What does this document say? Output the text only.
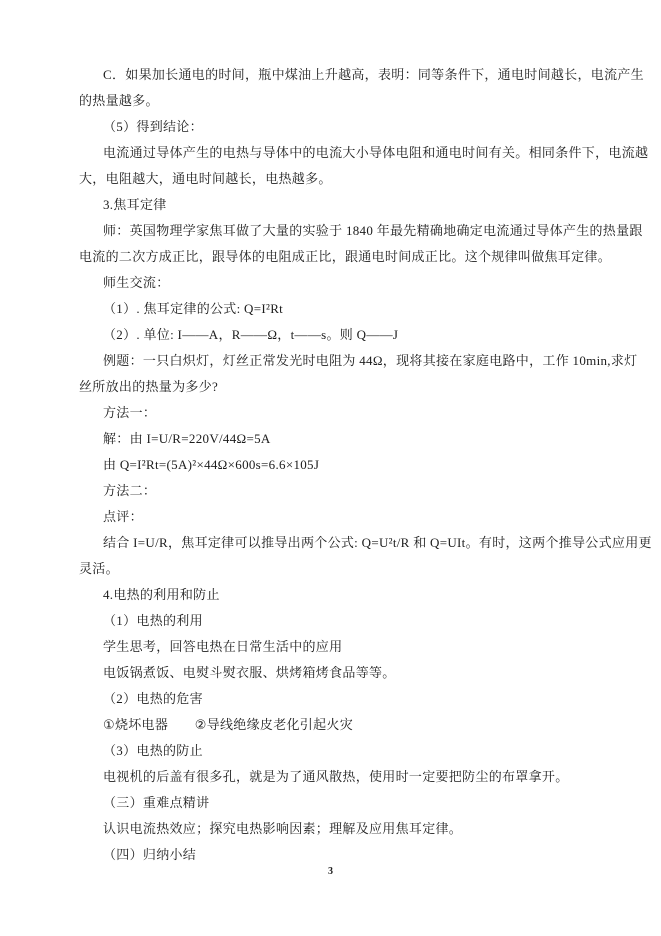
C．如果加长通电的时间，瓶中煤油上升越高，表明：同等条件下，通电时间越长，电流产生
的热量越多。
（5）得到结论：
电流通过导体产生的电热与导体中的电流大小导体电阻和通电时间有关。相同条件下，电流越
大，电阻越大，通电时间越长，电热越多。
3.焦耳定律
师：英国物理学家焦耳做了大量的实验于 1840 年最先精确地确定电流通过导体产生的热量跟
电流的二次方成正比，跟导体的电阻成正比，跟通电时间成正比。这个规律叫做焦耳定律。
师生交流：
（1）. 焦耳定律的公式: Q=I²Rt
（2）. 单位: I——A，R——Ω，t——s。则 Q——J
例题：一只白炽灯，灯丝正常发光时电阻为 44Ω，现将其接在家庭电路中，工作 10min,求灯
丝所放出的热量为多少?
方法一：
解：由 I=U/R=220V/44Ω=5A
由 Q=I²Rt=(5A)²×44Ω×600s=6.6×105J
方法二：
点评：
结合 I=U/R，焦耳定律可以推导出两个公式: Q=U²t/R 和 Q=UIt。有时，这两个推导公式应用更
灵活。
4.电热的利用和防止
（1）电热的利用
学生思考，回答电热在日常生活中的应用
电饭锅煮饭、电熨斗熨衣服、烘烤箱烤食品等等。
（2）电热的危害
①烧坏电器　　②导线绝缘皮老化引起火灾
（3）电热的防止
电视机的后盖有很多孔，就是为了通风散热，使用时一定要把防尘的布罩拿开。
（三）重难点精讲
认识电流热效应；探究电热影响因素；理解及应用焦耳定律。
（四）归纳小结
3
